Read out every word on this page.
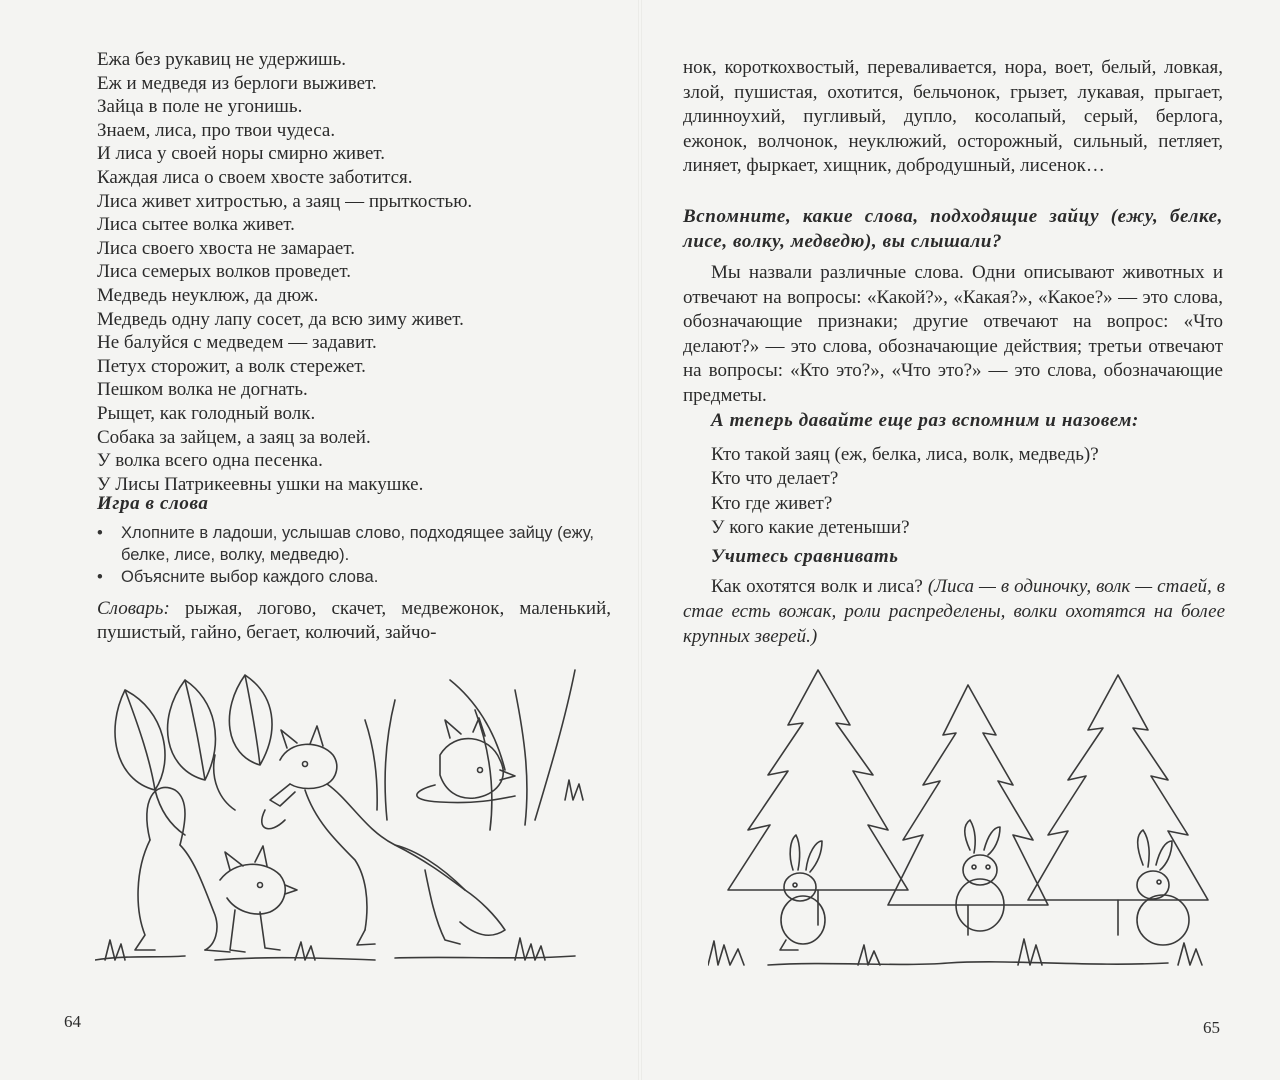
Ежа без рукавиц не удержишь.
Еж и медведя из берлоги выживет.
Зайца в поле не угонишь.
Знаем, лиса, про твои чудеса.
И лиса у своей норы смирно живет.
Каждая лиса о своем хвосте заботится.
Лиса живет хитростью, а заяц — прыткостью.
Лиса сытее волка живет.
Лиса своего хвоста не замарает.
Лиса семерых волков проведет.
Медведь неуклюж, да дюж.
Медведь одну лапу сосет, да всю зиму живет.
Не балуйся с медведем — задавит.
Петух сторожит, а волк стережет.
Пешком волка не догнать.
Рыщет, как голодный волк.
Собака за зайцем, а заяц за волей.
У волка всего одна песенка.
У Лисы Патрикеевны ушки на макушке.
Игра в слова
•	Хлопните в ладоши, услышав слово, подходящее зайцу (ежу, белке, лисе, волку, медведю).
•	Объясните выбор каждого слова.
Словарь: рыжая, логово, скачет, медвежонок, маленький, пушистый, гайно, бегает, колючий, зайчо-
64
нок, короткохвостый, переваливается, нора, воет, белый, ловкая, злой, пушистая, охотится, бельчонок, грызет, лукавая, прыгает, длинноухий, пугливый, дупло, косолапый, серый, берлога, ежонок, волчонок, неуклюжий, осторожный, сильный, петляет, линяет, фыркает, хищник, добродушный, лисенок…
Вспомните, какие слова, подходящие зайцу (ежу, белке, лисе, волку, медведю), вы слышали?
Мы назвали различные слова. Одни описывают животных и отвечают на вопросы: «Какой?», «Какая?», «Какое?» — это слова, обозначающие признаки; другие отвечают на вопрос: «Что делают?» — это слова, обозначающие действия; третьи отвечают на вопросы: «Кто это?», «Что это?» — это слова, обозначающие предметы.
А теперь давайте еще раз вспомним и назовем:
Кто такой заяц (еж, белка, лиса, волк, медведь)?
Кто что делает?
Кто где живет?
У кого какие детеныши?
Учитесь сравнивать
Как охотятся волк и лиса? (Лиса — в одиночку, волк — стаей, в стае есть вожак, роли распределены, волки охотятся на более крупных зверей.)
65
